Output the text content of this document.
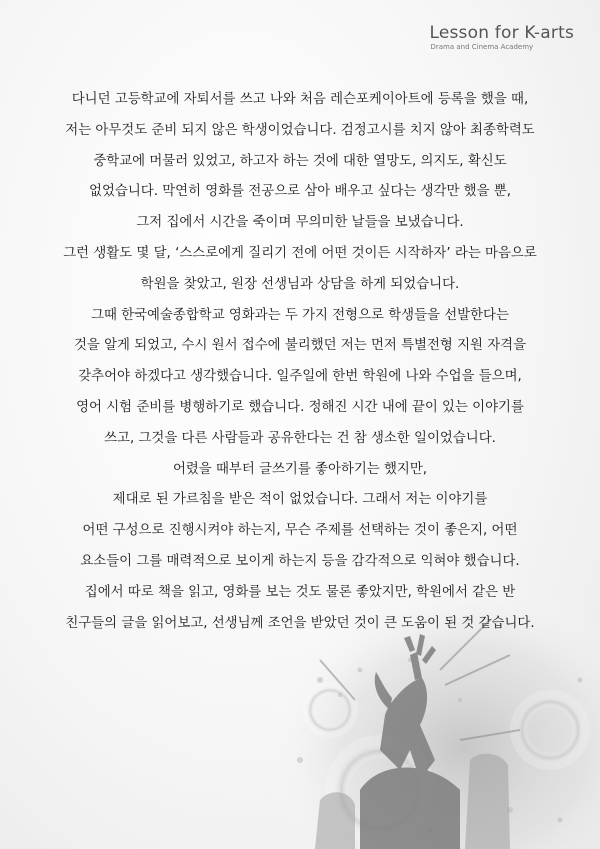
Lesson for K-arts
Drama and Cinema Academy
다니던 고등학교에 자퇴서를 쓰고 나와 처음 레슨포케이아트에 등록을 했을 때,
저는 아무것도 준비 되지 않은 학생이었습니다. 검정고시를 치지 않아 최종학력도
중학교에 머물러 있었고, 하고자 하는 것에 대한 열망도, 의지도, 확신도
없었습니다. 막연히 영화를 전공으로 삼아 배우고 싶다는 생각만 했을 뿐,
그저 집에서 시간을 죽이며 무의미한 날들을 보냈습니다.
그런 생활도 몇 달, ‘스스로에게 질리기 전에 어떤 것이든 시작하자’ 라는 마음으로
학원을 찾았고, 원장 선생님과 상담을 하게 되었습니다.
그때 한국예술종합학교 영화과는 두 가지 전형으로 학생들을 선발한다는
것을 알게 되었고, 수시 원서 접수에 불리했던 저는 먼저 특별전형 지원 자격을
갖추어야 하겠다고 생각했습니다. 일주일에 한번 학원에 나와 수업을 들으며,
영어 시험 준비를 병행하기로 했습니다. 정해진 시간 내에 끝이 있는 이야기를
쓰고, 그것을 다른 사람들과 공유한다는 건 참 생소한 일이었습니다.
어렸을 때부터 글쓰기를 좋아하기는 했지만,
제대로 된 가르침을 받은 적이 없었습니다. 그래서 저는 이야기를
어떤 구성으로 진행시켜야 하는지, 무슨 주제를 선택하는 것이 좋은지, 어떤
요소들이 그를 매력적으로 보이게 하는지 등을 감각적으로 익혀야 했습니다.
집에서 따로 책을 읽고, 영화를 보는 것도 물론 좋았지만, 학원에서 같은 반
친구들의 글을 읽어보고, 선생님께 조언을 받았던 것이 큰 도움이 된 것 같습니다.
